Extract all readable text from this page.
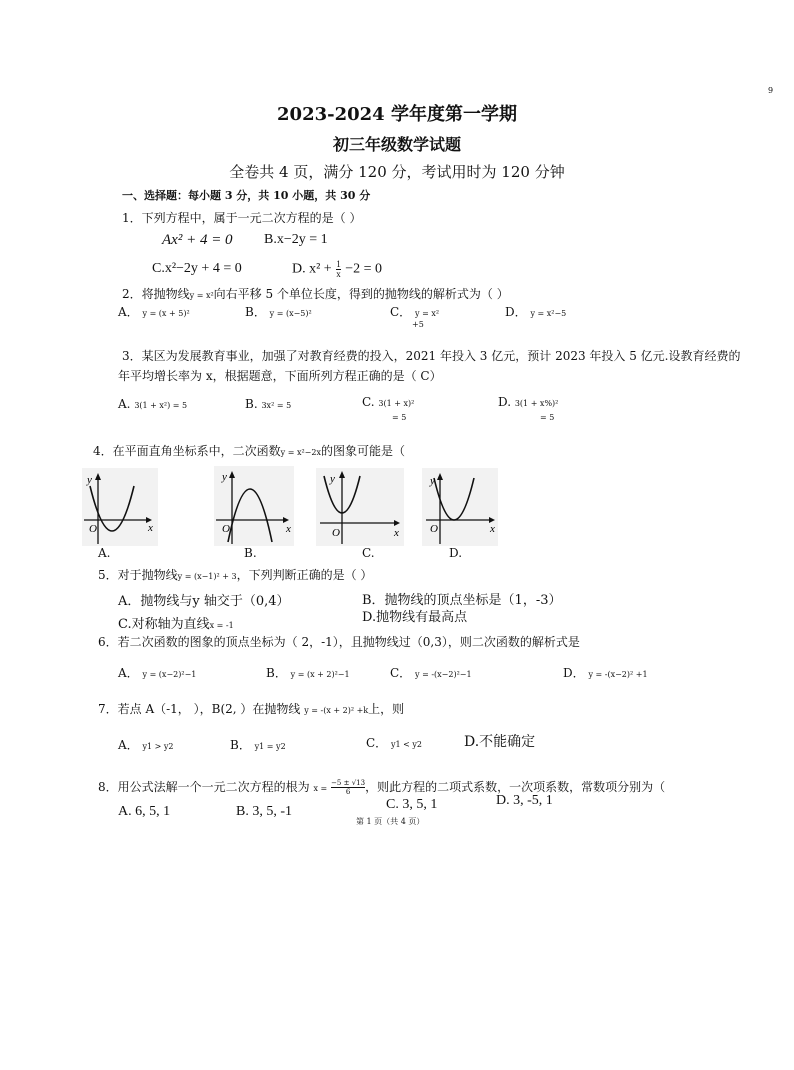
9
2023-2024 学年度第一学期
初三年级数学试题
全卷共 4 页，满分 120 分，考试用时为 120 分钟
一、选择题：每小题 3 分，共 10 小题，共 30 分
1．下列方程中，属于一元二次方程的是（ ）
Ax² + 4 = 0 B.x−2y = 1
C.x²−2y + 4 = 0	D. $x^2 + \frac{1}{x} -2 = 0$
2．将抛物线y = x²向右平移 5 个单位长度，得到的抛物线的解析式为（ ）
A． y = (x + 5)²	B． y = (x−5)²	C． y = x²
+5
D． y = x²−5
3．某区为发展教育事业，加强了对教育经费的投入，2021 年投入 3 亿元，预计 2023 年投入 5 亿元.设教育经费的
年平均增长率为 x，根据题意，下面所列方程正确的是（ C）
A. 3(1 + x²) = 5	B. 3x² = 5	C. 3(1 + x)²
= 5
D. 3(1 + x%)²
= 5
4．在平面直角坐标系中，二次函数y = x²−2x的图象可能是（
y
x
O
A.
y
x
O
B.
y
x
O
C.
y
x
O
D.
5．对于抛物线y = (x−1)² + 3，下列判断正确的是（ ）
A．抛物线与y 轴交于（0,4）	B．抛物线的顶点坐标是（1，-3）
C.对称轴为直线x = -1
D.抛物线有最高点
6．若二次函数的图象的顶点坐标为（ 2，-1），且抛物线过（0,3），则二次函数的解析式是
A． y = (x−2)²−1	B． y = (x + 2)²−1	C． y = -(x−2)²−1	D． y = -(x−2)² +1
7．若点 A（-1， ），B(2, ）在抛物线 y = -(x + 2)² +k上，则
A． y1 > y2	B． y1 = y2	C． y1 < y2	D.不能确定
8．用公式法解一个一元二次方程的根为 $x = \frac{-5 \pm √13}{6}$ ，则此方程的二项式系数，一次项系数，常数项分别为（
A. 6, 5, 1	B. 3, 5, -1	C. 3, 5, 1	D. 3, -5, 1
第 1 页（共 4 页）
